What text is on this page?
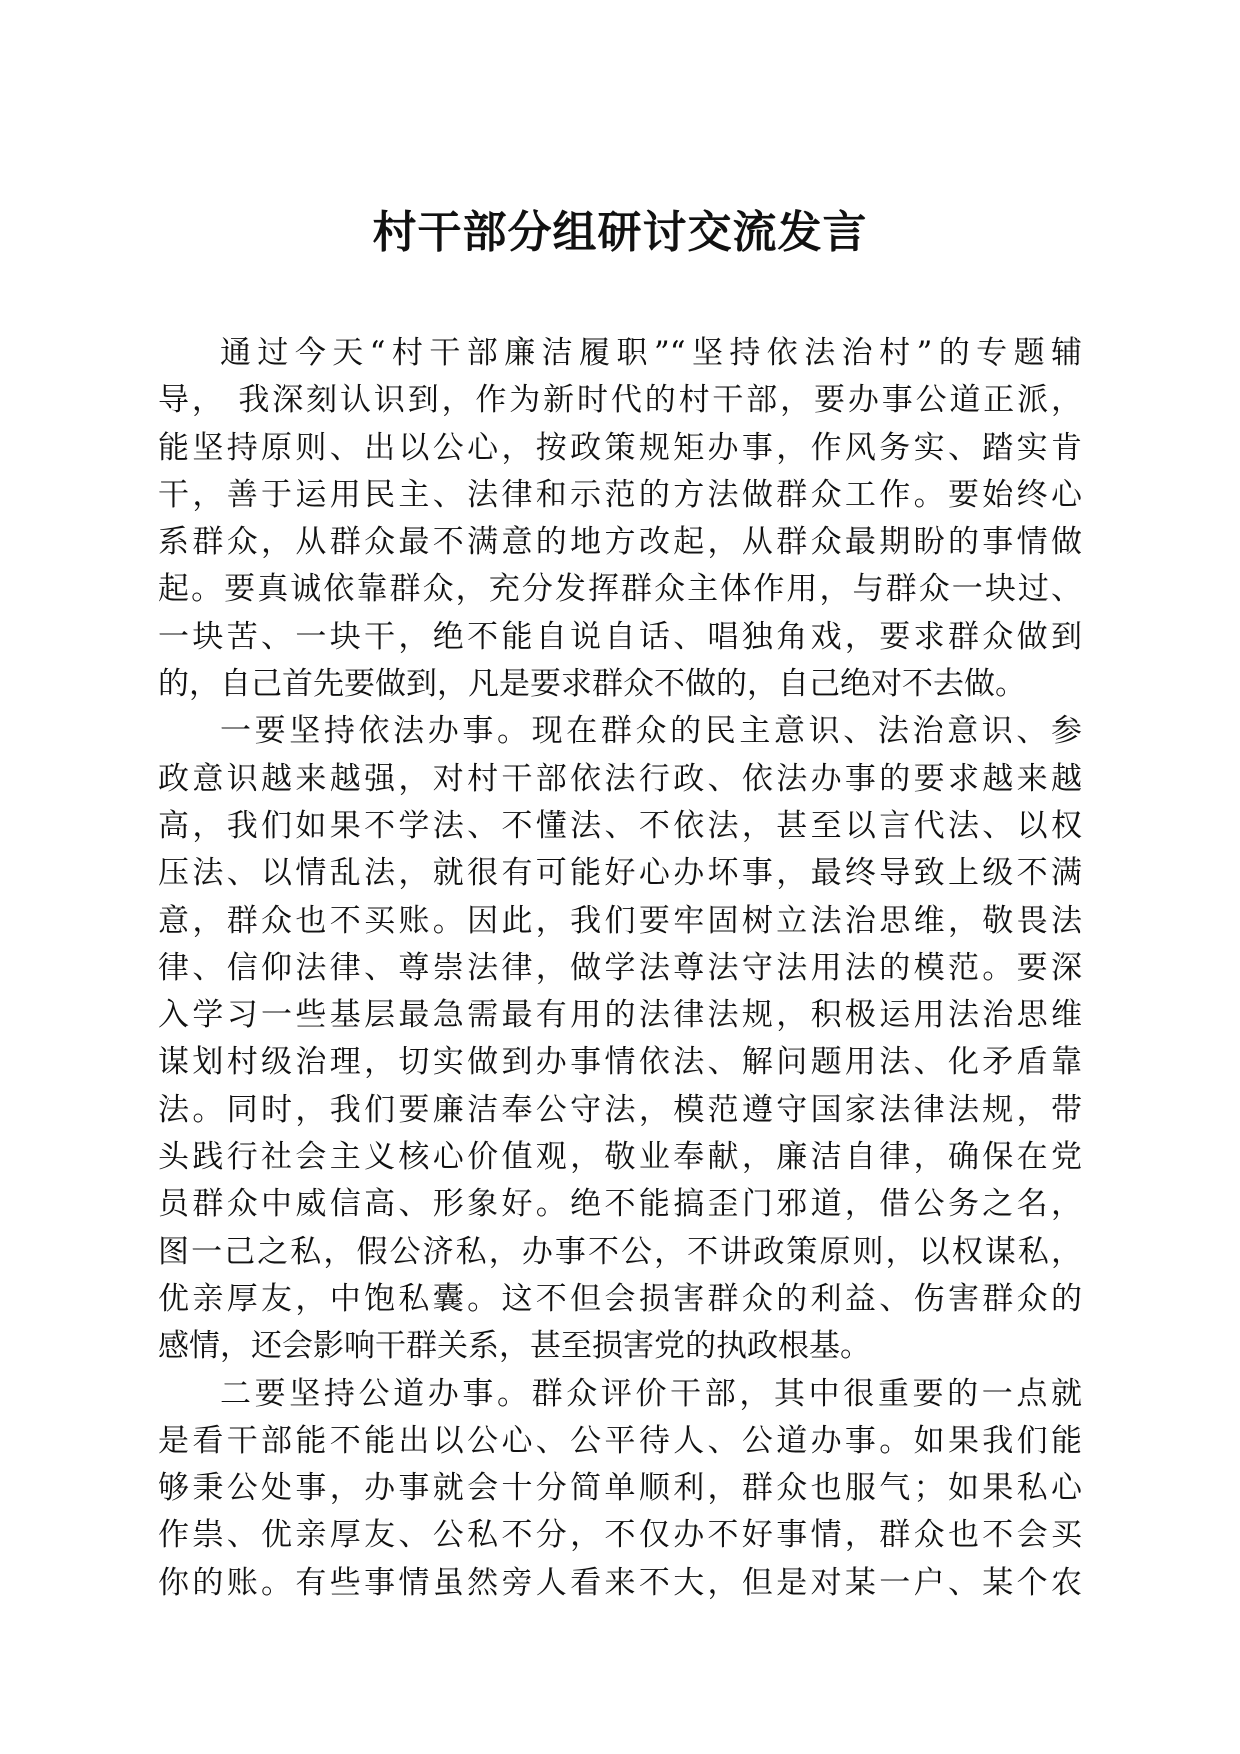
村干部分组研讨交流发言

通过今天“村干部廉洁履职”“坚持依法治村”的专题辅

导， 我深刻认识到，作为新时代的村干部，要办事公道正派，

能坚持原则、出以公心，按政策规矩办事，作风务实、踏实肯

干，善于运用民主、法律和示范的方法做群众工作。要始终心

系群众，从群众最不满意的地方改起，从群众最期盼的事情做

起。要真诚依靠群众，充分发挥群众主体作用，与群众一块过、

一块苦、一块干，绝不能自说自话、唱独角戏，要求群众做到

的，自己首先要做到，凡是要求群众不做的，自己绝对不去做。

一要坚持依法办事。现在群众的民主意识、法治意识、参

政意识越来越强，对村干部依法行政、依法办事的要求越来越

高，我们如果不学法、不懂法、不依法，甚至以言代法、以权

压法、以情乱法，就很有可能好心办坏事，最终导致上级不满

意，群众也不买账。因此，我们要牢固树立法治思维，敬畏法

律、信仰法律、尊崇法律，做学法尊法守法用法的模范。要深

入学习一些基层最急需最有用的法律法规，积极运用法治思维

谋划村级治理，切实做到办事情依法、解问题用法、化矛盾靠

法。同时，我们要廉洁奉公守法，模范遵守国家法律法规，带

头践行社会主义核心价值观，敬业奉献，廉洁自律，确保在党

员群众中威信高、形象好。绝不能搞歪门邪道，借公务之名，

图一己之私，假公济私，办事不公，不讲政策原则，以权谋私，

优亲厚友，中饱私囊。这不但会损害群众的利益、伤害群众的

感情，还会影响干群关系，甚至损害党的执政根基。

二要坚持公道办事。群众评价干部，其中很重要的一点就

是看干部能不能出以公心、公平待人、公道办事。如果我们能

够秉公处事，办事就会十分简单顺利，群众也服气；如果私心

作祟、优亲厚友、公私不分，不仅办不好事情，群众也不会买

你的账。有些事情虽然旁人看来不大，但是对某一户、某个农
